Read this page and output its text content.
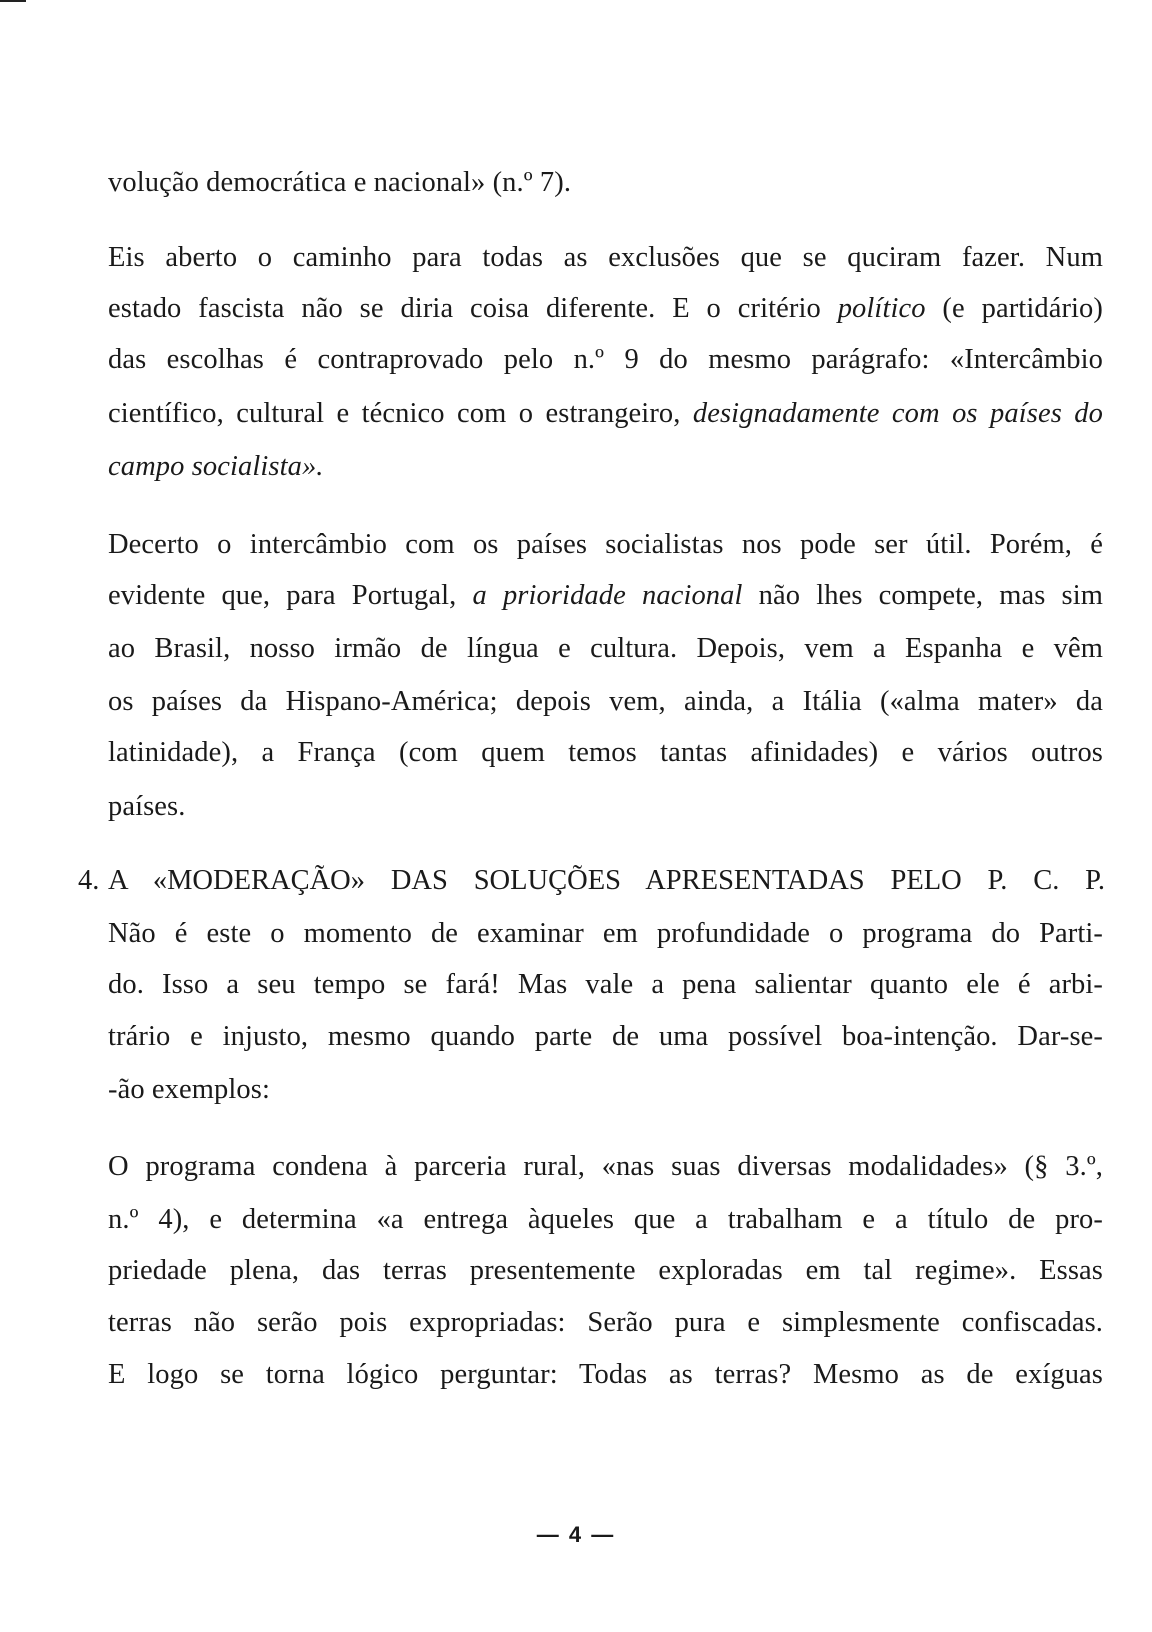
volução democrática e nacional» (n.º 7).
Eis aberto o caminho para todas as exclusões que se quciram fazer. Num
estado fascista não se diria coisa diferente. E o critério político (e partidário)
das escolhas é contraprovado pelo n.º 9 do mesmo parágrafo: «Intercâmbio
científico, cultural e técnico com o estrangeiro, designadamente com os países do
campo socialista».
Decerto o intercâmbio com os países socialistas nos pode ser útil. Porém, é
evidente que, para Portugal, a prioridade nacional não lhes compete, mas sim
ao Brasil, nosso irmão de língua e cultura. Depois, vem a Espanha e vêm
os países da Hispano-América; depois vem, ainda, a Itália («alma mater» da
latinidade), a França (com quem temos tantas afinidades) e vários outros
países.
4. A «MODERAÇÃO» DAS SOLUÇÕES APRESENTADAS PELO P. C. P.
Não é este o momento de examinar em profundidade o programa do Parti-
do. Isso a seu tempo se fará! Mas vale a pena salientar quanto ele é arbi-
trário e injusto, mesmo quando parte de uma possível boa-intenção. Dar-se-
-ão exemplos:
O programa condena à parceria rural, «nas suas diversas modalidades» (§ 3.º,
n.º 4), e determina «a entrega àqueles que a trabalham e a título de pro-
priedade plena, das terras presentemente exploradas em tal regime». Essas
terras não serão pois expropriadas: Serão pura e simplesmente confiscadas.
E logo se torna lógico perguntar: Todas as terras? Mesmo as de exíguas
— 4 —
